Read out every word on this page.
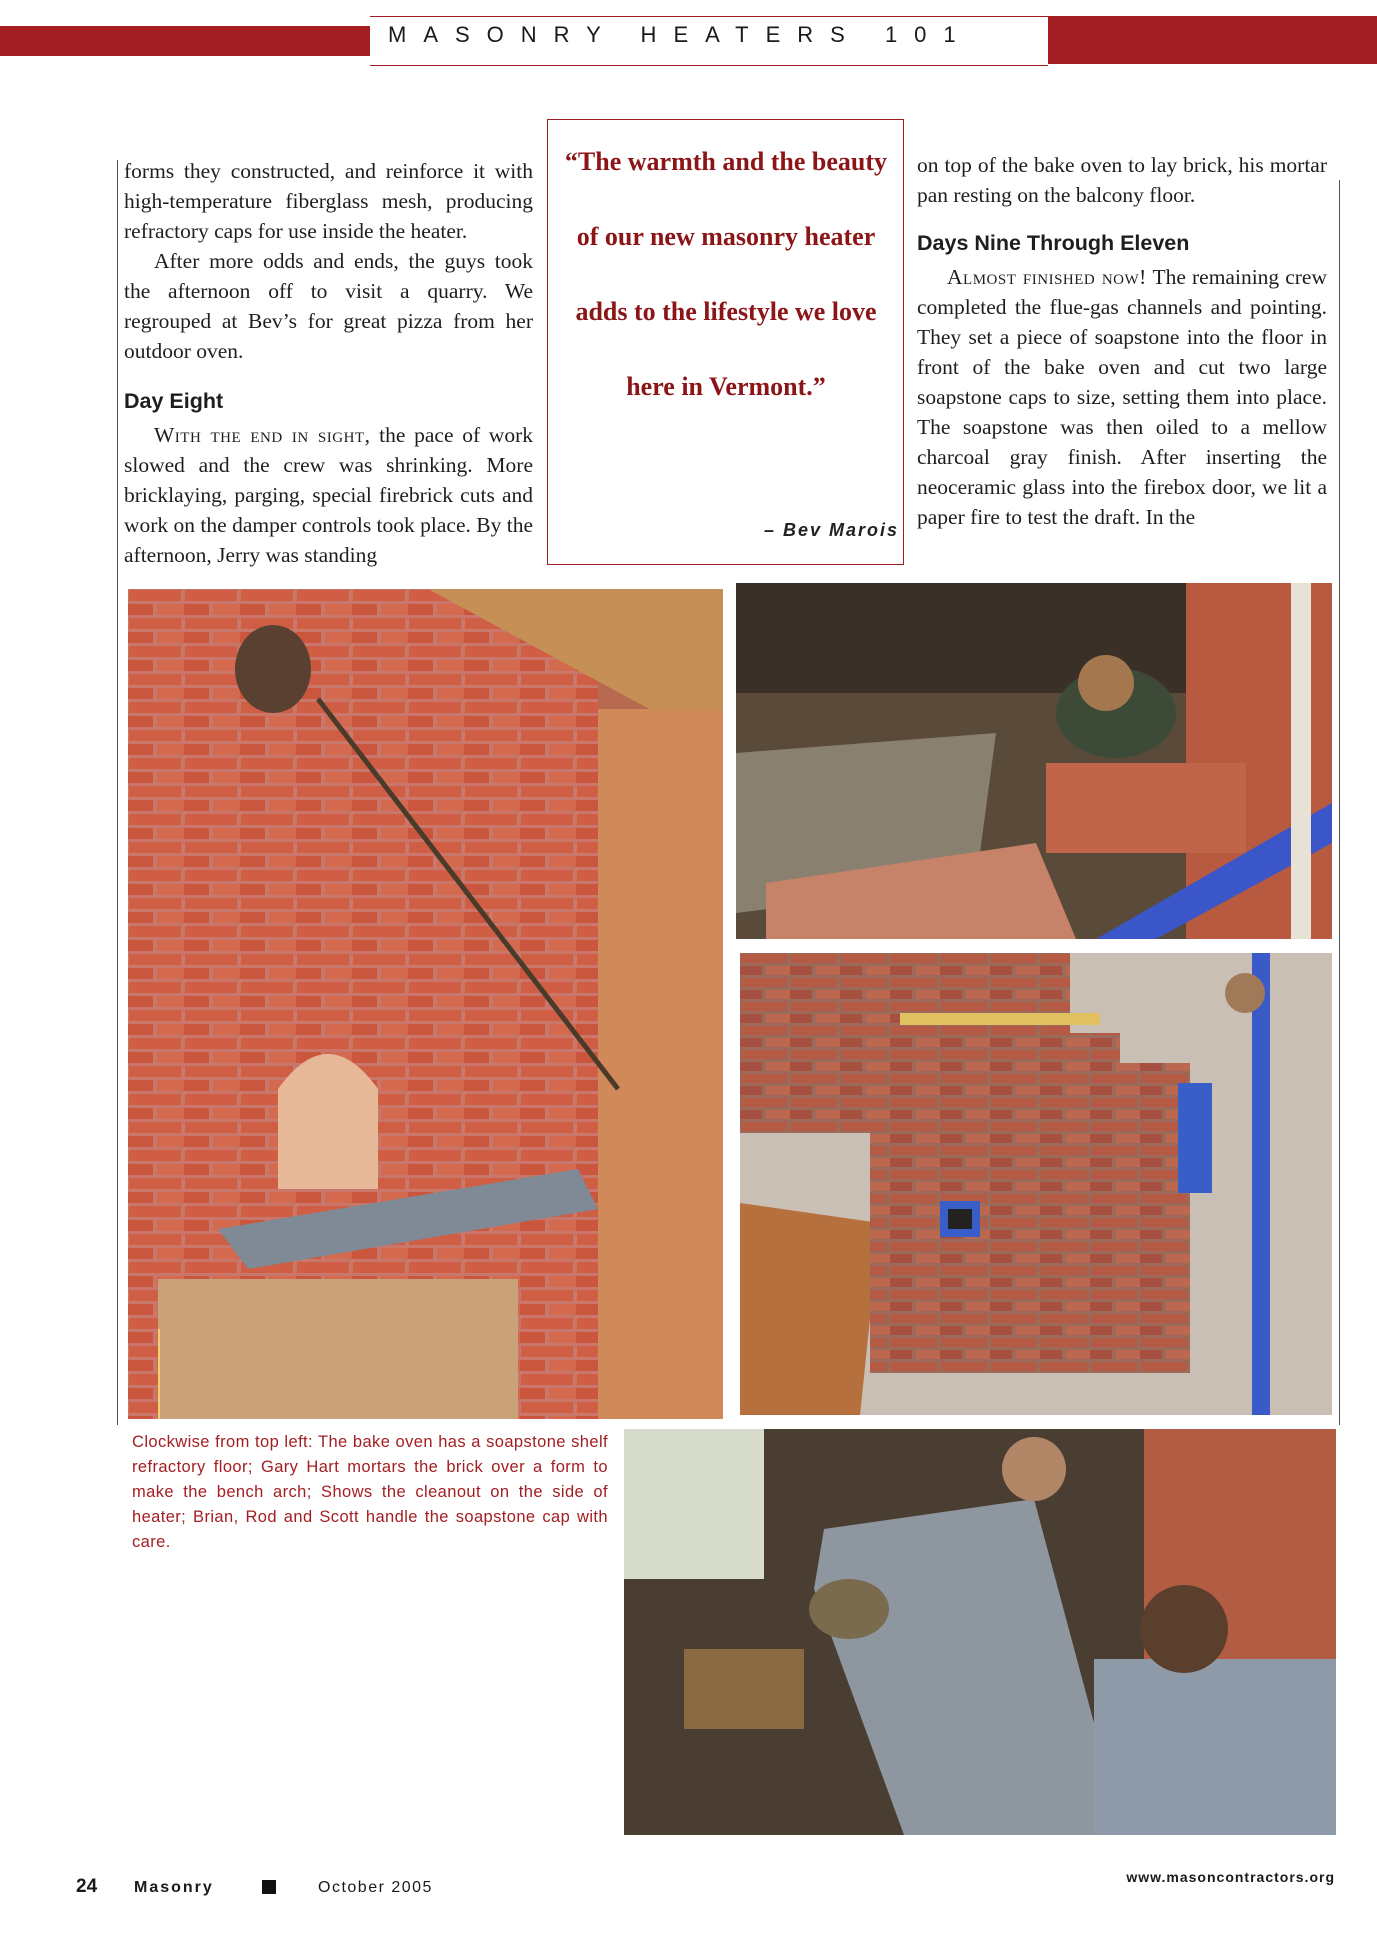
MASONRY HEATERS 101

forms they constructed, and reinforce it with high-temperature fiberglass mesh, producing refractory caps for use inside the heater.

After more odds and ends, the guys took the afternoon off to visit a quarry. We regrouped at Bev’s for great pizza from her outdoor oven.

Day Eight

With the end in sight, the pace of work slowed and the crew was shrinking. More bricklaying, parging, special firebrick cuts and work on the damper controls took place. By the afternoon, Jerry was standing

“The warmth and the beauty of our new masonry heater adds to the lifestyle we love here in Vermont.”
– Bev Marois

on top of the bake oven to lay brick, his mortar pan resting on the balcony floor.

Days Nine Through Eleven

Almost finished now! The remaining crew completed the flue-gas channels and pointing. They set a piece of soapstone into the floor in front of the bake oven and cut two large soapstone caps to size, setting them into place. The soapstone was then oiled to a mellow charcoal gray finish. After inserting the neoceramic glass into the firebox door, we lit a paper fire to test the draft. In the

Clockwise from top left: The bake oven has a soapstone shelf refractory floor; Gary Hart mortars the brick over a form to make the bench arch; Shows the cleanout on the side of heater; Brian, Rod and Scott handle the soapstone cap with care.
24 Masonry	October 2005
www.masoncontractors.org
